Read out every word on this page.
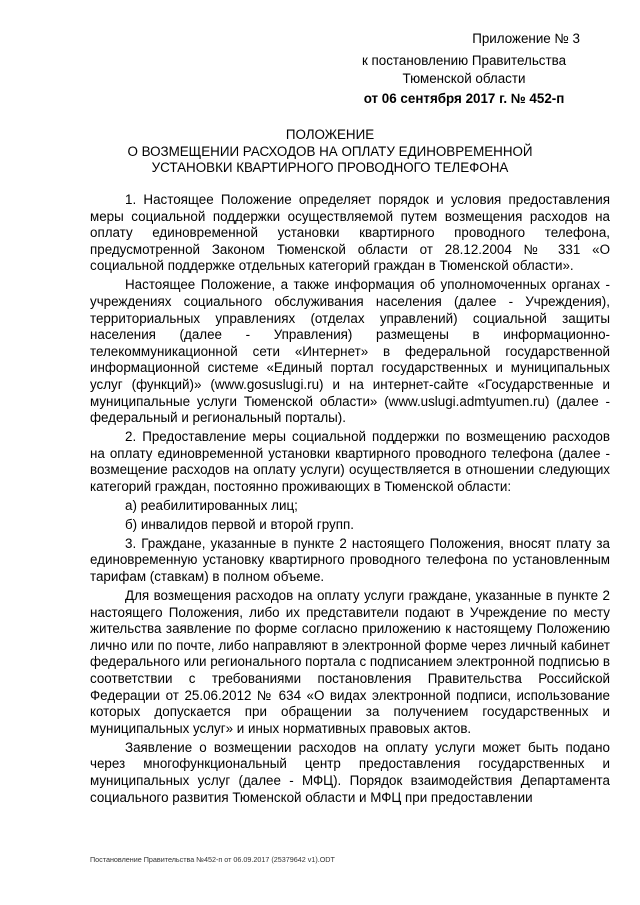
Приложение № 3
к постановлению Правительства Тюменской области
от 06 сентября 2017 г. № 452-п
ПОЛОЖЕНИЕ
О ВОЗМЕЩЕНИИ РАСХОДОВ НА ОПЛАТУ ЕДИНОВРЕМЕННОЙ УСТАНОВКИ КВАРТИРНОГО ПРОВОДНОГО ТЕЛЕФОНА

1. Настоящее Положение определяет порядок и условия предоставления меры социальной поддержки осуществляемой путем возмещения расходов на оплату единовременной установки квартирного проводного телефона, предусмотренной Законом Тюменской области от 28.12.2004 № 331 «О социальной поддержке отдельных категорий граждан в Тюменской области».

Настоящее Положение, а также информация об уполномоченных органах - учреждениях социального обслуживания населения (далее - Учреждения), территориальных управлениях (отделах управлений) социальной защиты населения (далее - Управления) размещены в информационно-телекоммуникационной сети «Интернет» в федеральной государственной информационной системе «Единый портал государственных и муниципальных услуг (функций)» (www.gosuslugi.ru) и на интернет-сайте «Государственные и муниципальные услуги Тюменской области» (www.uslugi.admtyumen.ru) (далее - федеральный и региональный порталы).

2. Предоставление меры социальной поддержки по возмещению расходов на оплату единовременной установки квартирного проводного телефона (далее - возмещение расходов на оплату услуги) осуществляется в отношении следующих категорий граждан, постоянно проживающих в Тюменской области:

а) реабилитированных лиц;

б) инвалидов первой и второй групп.

3. Граждане, указанные в пункте 2 настоящего Положения, вносят плату за единовременную установку квартирного проводного телефона по установленным тарифам (ставкам) в полном объеме.

Для возмещения расходов на оплату услуги граждане, указанные в пункте 2 настоящего Положения, либо их представители подают в Учреждение по месту жительства заявление по форме согласно приложению к настоящему Положению лично или по почте, либо направляют в электронной форме через личный кабинет федерального или регионального портала с подписанием электронной подписью в соответствии с требованиями постановления Правительства Российской Федерации от 25.06.2012 № 634 «О видах электронной подписи, использование которых допускается при обращении за получением государственных и муниципальных услуг» и иных нормативных правовых актов.

Заявление о возмещении расходов на оплату услуги может быть подано через многофункциональный центр предоставления государственных и муниципальных услуг (далее - МФЦ). Порядок взаимодействия Департамента социального развития Тюменской области и МФЦ при предоставлении

Постановление Правительства №452-п от 06.09.2017 (25379642 v1).ODT
